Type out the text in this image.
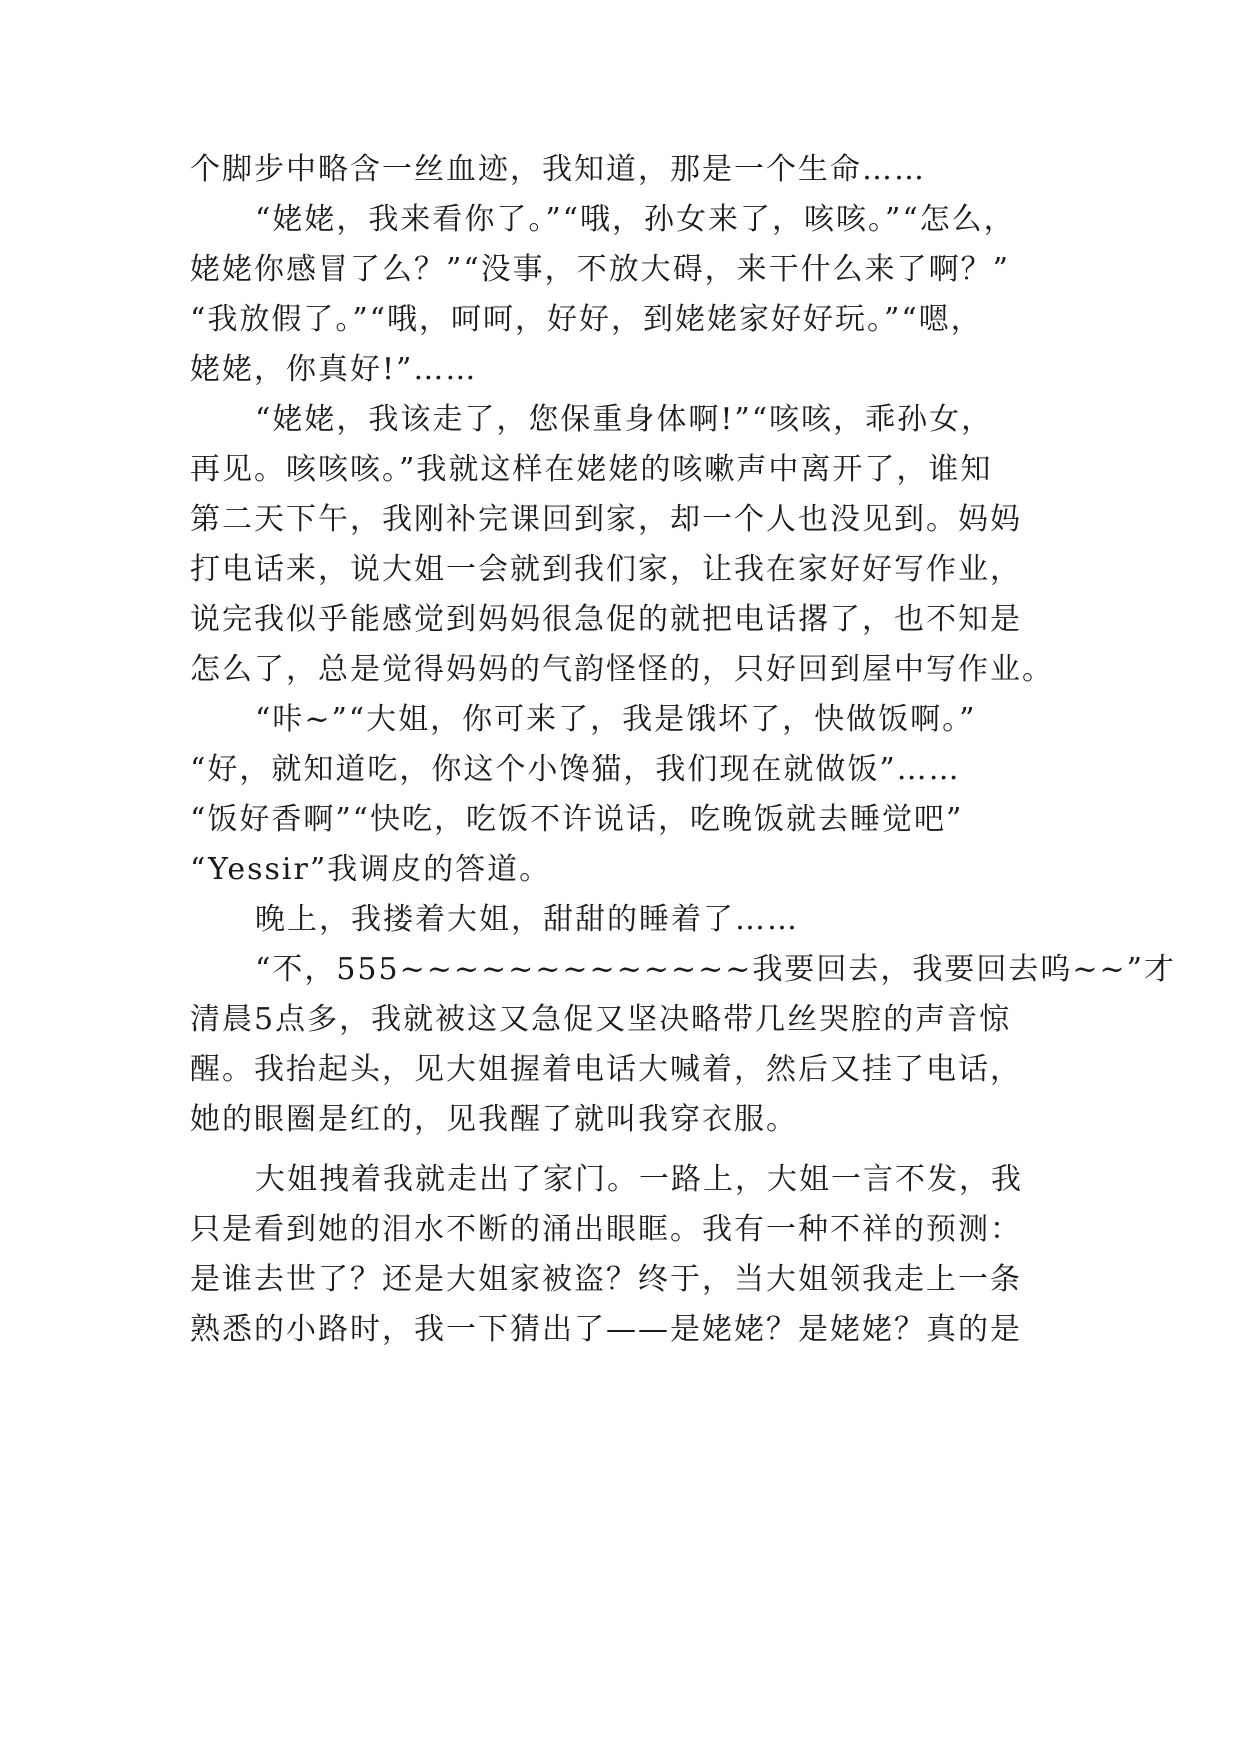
个脚步中略含一丝血迹，我知道，那是一个生命……
“姥姥，我来看你了。”“哦，孙女来了，咳咳。”“怎么，
姥姥你感冒了么？”“没事，不放大碍，来干什么来了啊？”
“我放假了。”“哦，呵呵，好好，到姥姥家好好玩。”“嗯，
姥姥，你真好!”……
“姥姥，我该走了，您保重身体啊!”“咳咳，乖孙女，
再见。咳咳咳。”我就这样在姥姥的咳嗽声中离开了，谁知
第二天下午，我刚补完课回到家，却一个人也没见到。妈妈
打电话来，说大姐一会就到我们家，让我在家好好写作业，
说完我似乎能感觉到妈妈很急促的就把电话撂了，也不知是
怎么了，总是觉得妈妈的气韵怪怪的，只好回到屋中写作业。
“咔~”“大姐，你可来了，我是饿坏了，快做饭啊。”
“好，就知道吃，你这个小馋猫，我们现在就做饭”……
“饭好香啊”“快吃，吃饭不许说话，吃晚饭就去睡觉吧”
“Yessir”我调皮的答道。
晚上，我搂着大姐，甜甜的睡着了……
“不，555~~~~~~~~~~~~~我要回去，我要回去呜~~”才
清晨5点多，我就被这又急促又坚决略带几丝哭腔的声音惊
醒。我抬起头，见大姐握着电话大喊着，然后又挂了电话，
她的眼圈是红的，见我醒了就叫我穿衣服。
大姐拽着我就走出了家门。一路上，大姐一言不发，我
只是看到她的泪水不断的涌出眼眶。我有一种不祥的预测：
是谁去世了？还是大姐家被盗？终于，当大姐领我走上一条
熟悉的小路时，我一下猜出了——是姥姥？是姥姥？真的是
